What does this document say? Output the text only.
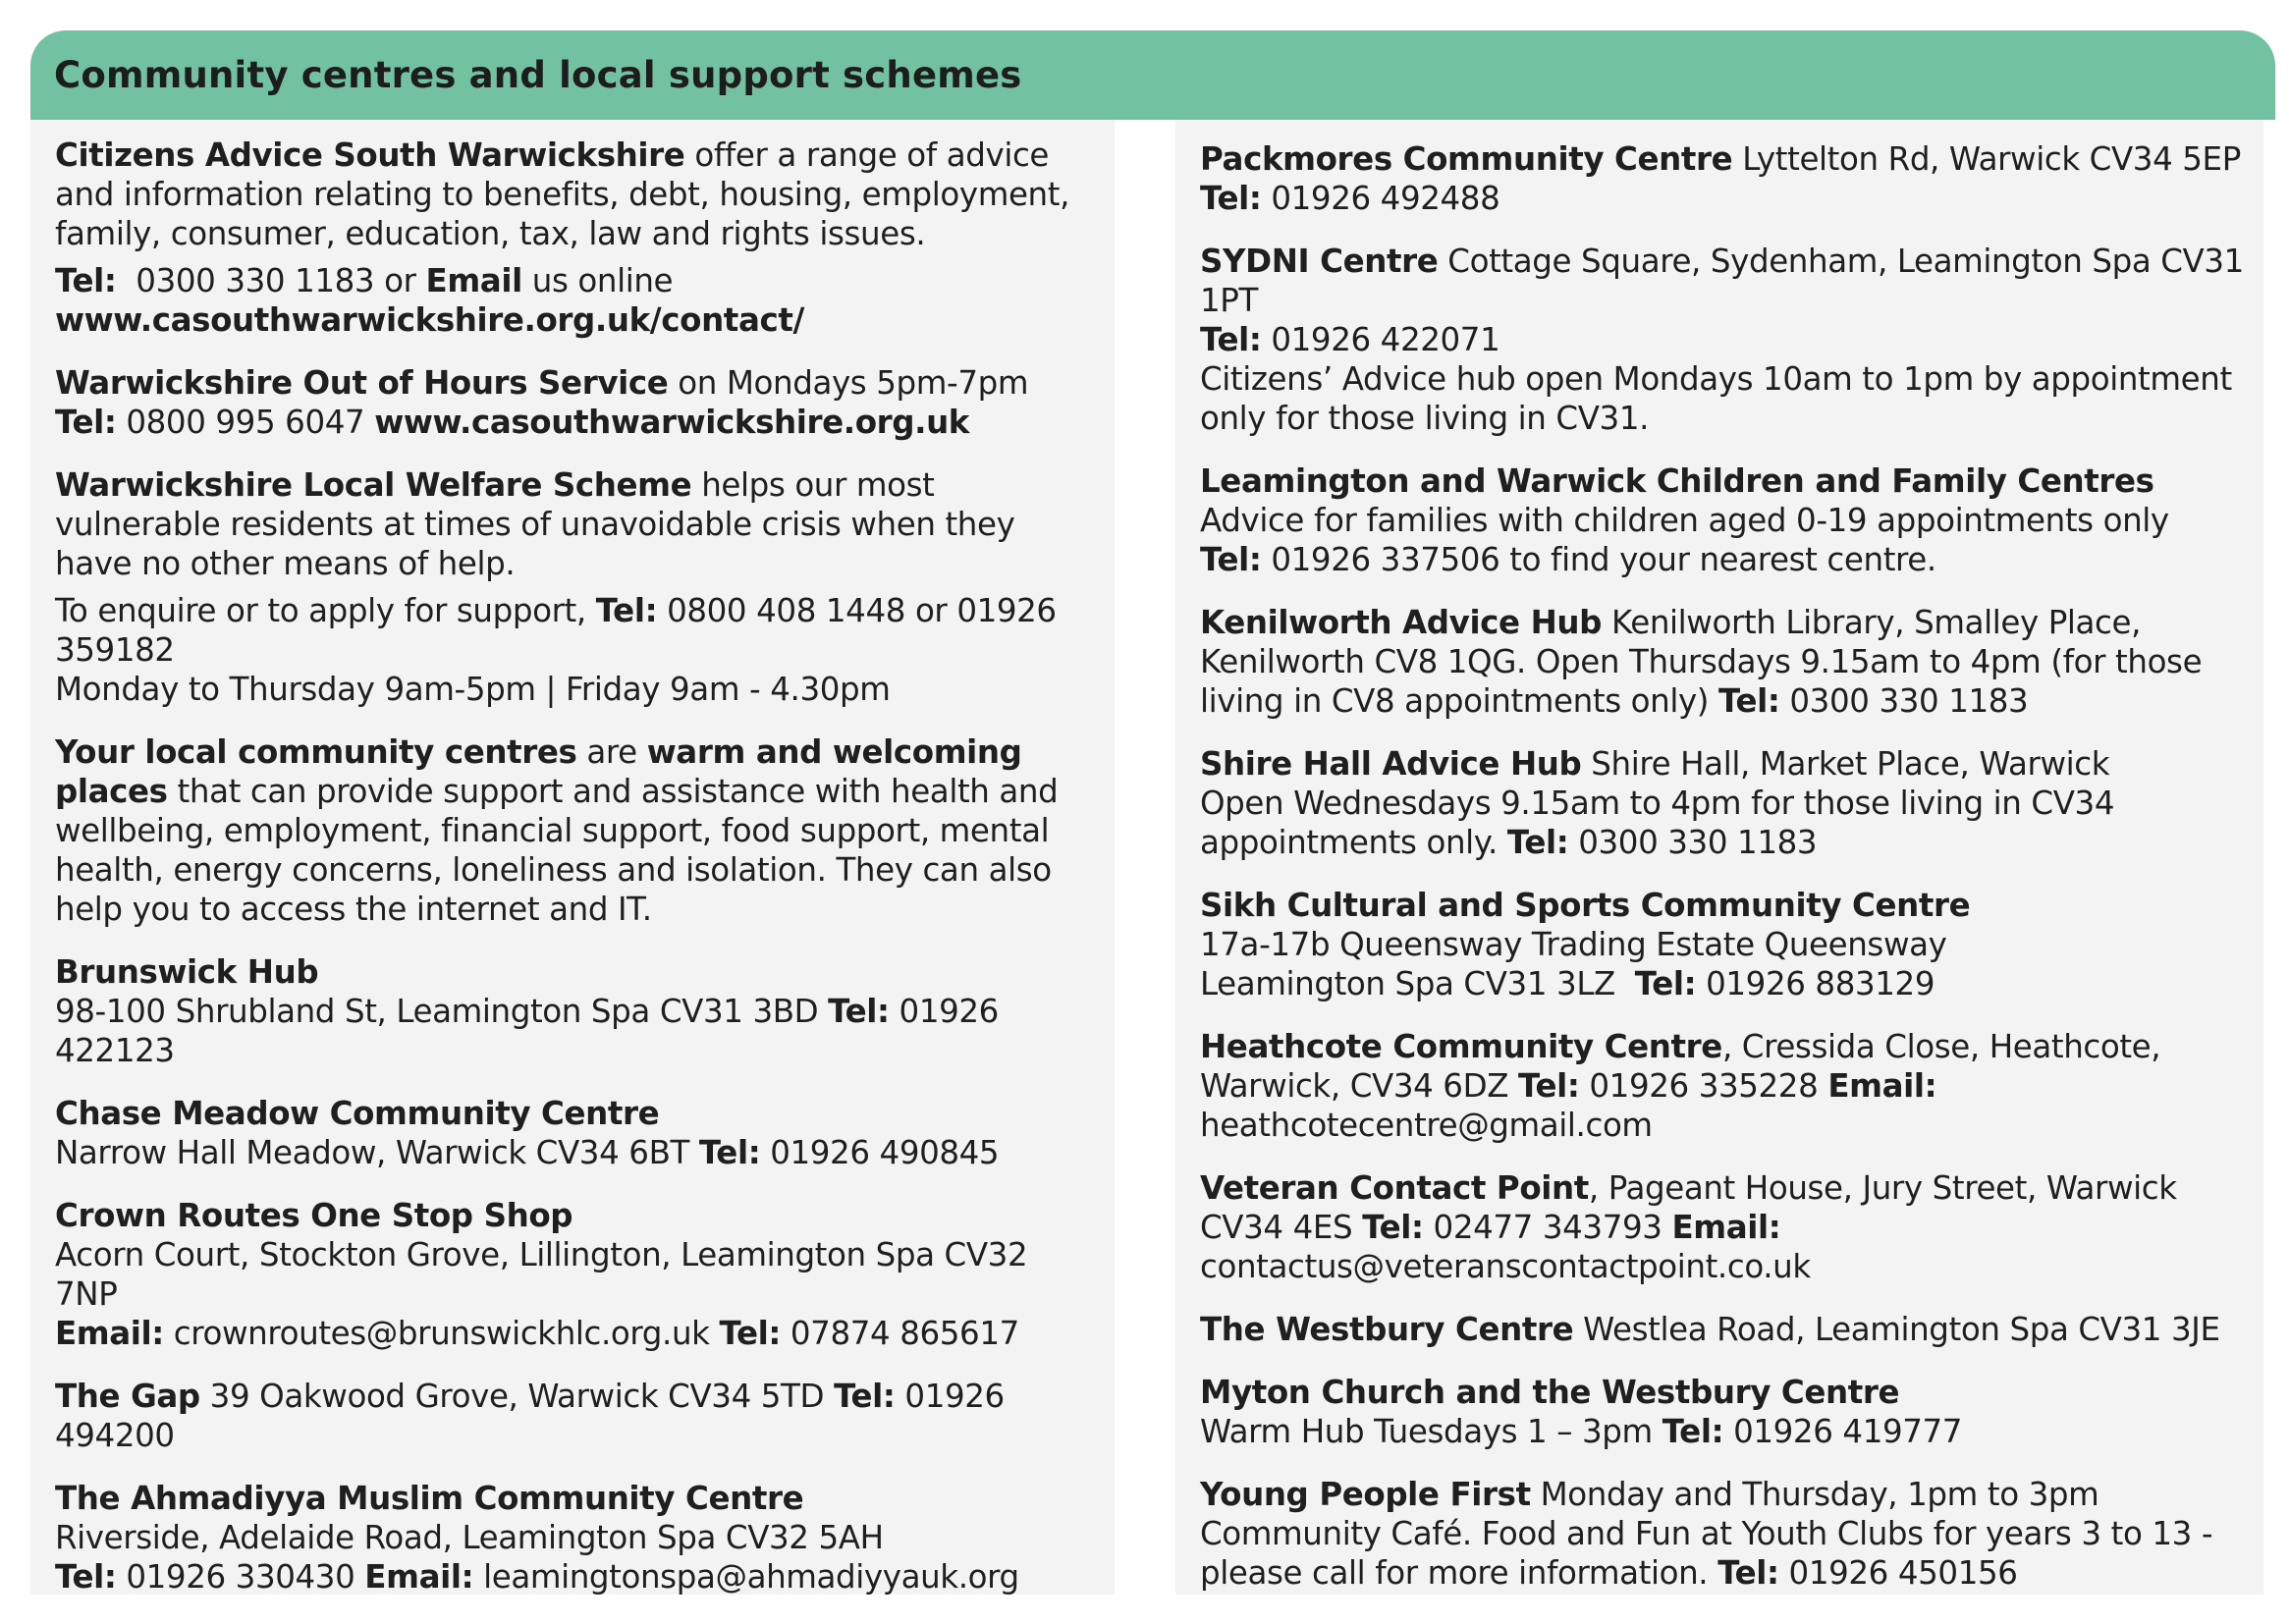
Community centres and local support schemes

Citizens Advice South Warwickshire offer a range of advice and information relating to benefits, debt, housing, employment, family, consumer, education, tax, law and rights issues.

Tel:  0300 330 1183 or Email us online
www.casouthwarwickshire.org.uk/contact/

Warwickshire Out of Hours Service on Mondays 5pm-7pm
Tel: 0800 995 6047 www.casouthwarwickshire.org.uk

Warwickshire Local Welfare Scheme helps our most vulnerable residents at times of unavoidable crisis when they have no other means of help.

To enquire or to apply for support, Tel: 0800 408 1448 or 01926 359182
Monday to Thursday 9am-5pm | Friday 9am - 4.30pm

Your local community centres are warm and welcoming places that can provide support and assistance with health and wellbeing, employment, financial support, food support, mental health, energy concerns, loneliness and isolation. They can also help you to access the internet and IT.

Brunswick Hub
98-100 Shrubland St, Leamington Spa CV31 3BD Tel: 01926 422123

Chase Meadow Community Centre
Narrow Hall Meadow, Warwick CV34 6BT Tel: 01926 490845

Crown Routes One Stop Shop
Acorn Court, Stockton Grove, Lillington, Leamington Spa CV32 7NP
Email: crownroutes@brunswickhlc.org.uk Tel: 07874 865617

The Gap 39 Oakwood Grove, Warwick CV34 5TD Tel: 01926 494200

The Ahmadiyya Muslim Community Centre
Riverside, Adelaide Road, Leamington Spa CV32 5AH
Tel: 01926 330430 Email: leamingtonspa@ahmadiyyauk.org

Packmores Community Centre Lyttelton Rd, Warwick CV34 5EP
Tel: 01926 492488

SYDNI Centre Cottage Square, Sydenham, Leamington Spa CV31 1PT
Tel: 01926 422071
Citizens’ Advice hub open Mondays 10am to 1pm by appointment only for those living in CV31.

Leamington and Warwick Children and Family Centres
Advice for families with children aged 0-19 appointments only
Tel: 01926 337506 to find your nearest centre.

Kenilworth Advice Hub Kenilworth Library, Smalley Place, Kenilworth CV8 1QG. Open Thursdays 9.15am to 4pm (for those living in CV8 appointments only) Tel: 0300 330 1183

Shire Hall Advice Hub Shire Hall, Market Place, Warwick
Open Wednesdays 9.15am to 4pm for those living in CV34 appointments only. Tel: 0300 330 1183

Sikh Cultural and Sports Community Centre
17a-17b Queensway Trading Estate Queensway
Leamington Spa CV31 3LZ  Tel: 01926 883129

Heathcote Community Centre, Cressida Close, Heathcote, Warwick, CV34 6DZ Tel: 01926 335228 Email: heathcotecentre@gmail.com

Veteran Contact Point, Pageant House, Jury Street, Warwick CV34 4ES Tel: 02477 343793 Email: contactus@veteranscontactpoint.co.uk

The Westbury Centre Westlea Road, Leamington Spa CV31 3JE

Myton Church and the Westbury Centre
Warm Hub Tuesdays 1 – 3pm Tel: 01926 419777

Young People First Monday and Thursday, 1pm to 3pm Community Café. Food and Fun at Youth Clubs for years 3 to 13 - please call for more information. Tel: 01926 450156
